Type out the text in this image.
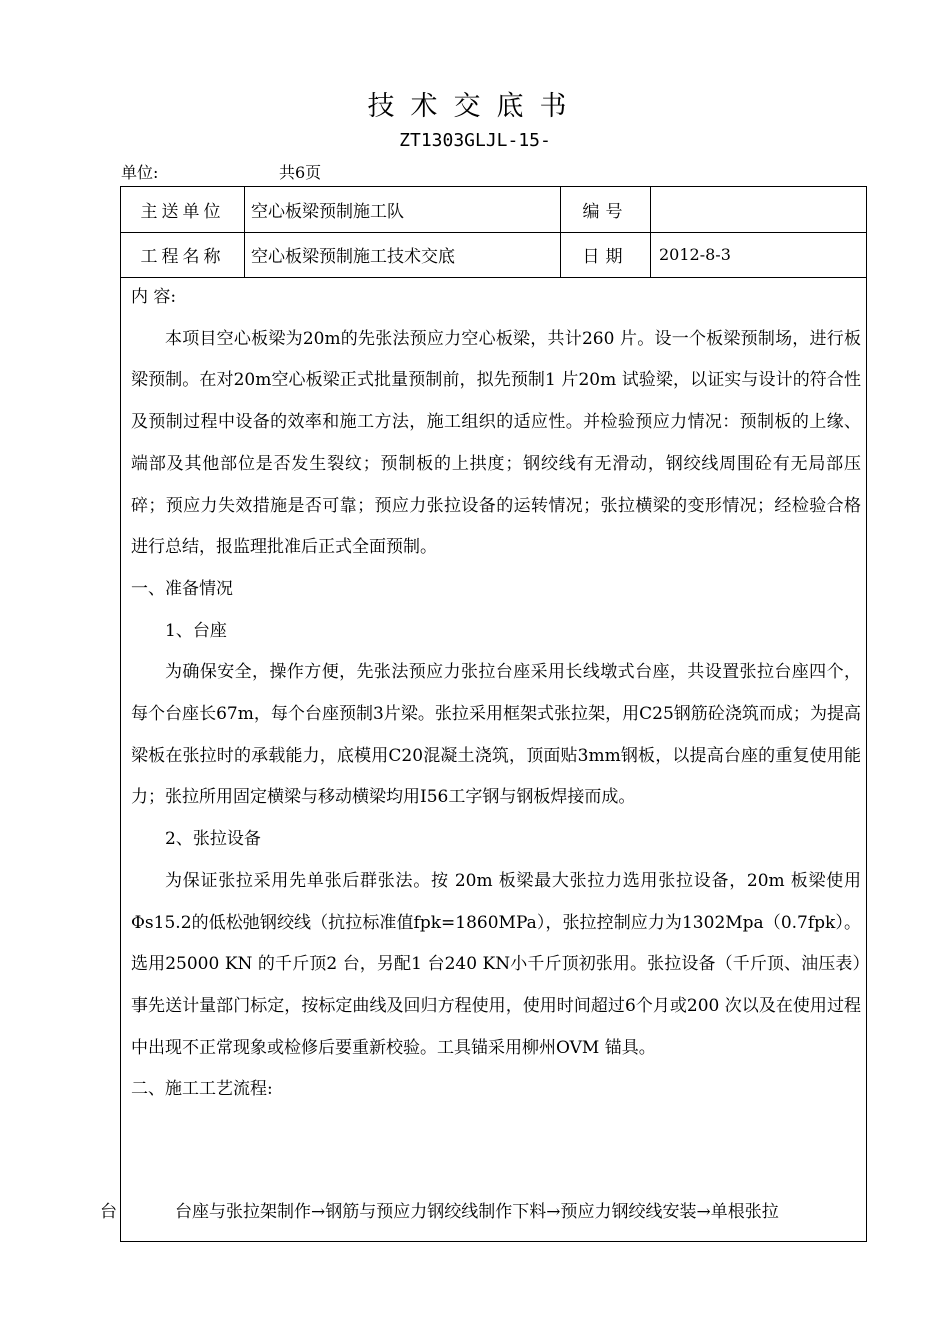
技术交底书
ZT1303GLJL-15-
单位:	共6页
主送单位	空心板梁预制施工队	编号
工程名称	空心板梁预制施工技术交底	日期	2012-8-3

内 容:

本项目空心板梁为20m的先张法预应力空心板梁，共计260 片。设一个板梁预制场，进行板梁预制。在对20m空心板梁正式批量预制前，拟先预制1 片20m 试验梁，以证实与设计的符合性及预制过程中设备的效率和施工方法，施工组织的适应性。并检验预应力情况：预制板的上缘、端部及其他部位是否发生裂纹；预制板的上拱度；钢绞线有无滑动，钢绞线周围砼有无局部压碎；预应力失效措施是否可靠；预应力张拉设备的运转情况；张拉横梁的变形情况；经检验合格进行总结，报监理批准后正式全面预制。

一、准备情况

1、台座

为确保安全，操作方便，先张法预应力张拉台座采用长线墩式台座，共设置张拉台座四个，每个台座长67m，每个台座预制3片梁。张拉采用框架式张拉架，用C25钢筋砼浇筑而成；为提高梁板在张拉时的承载能力，底模用C20混凝土浇筑，顶面贴3mm钢板，以提高台座的重复使用能力；张拉所用固定横梁与移动横梁均用I56工字钢与钢板焊接而成。

2、张拉设备

为保证张拉采用先单张后群张法。按 20m 板梁最大张拉力选用张拉设备，20m 板梁使用Φs15.2的低松弛钢绞线（抗拉标准值fpk=1860MPa），张拉控制应力为1302Mpa（0.7fpk）。选用25000 KN 的千斤顶2 台，另配1 台240 KN小千斤顶初张用。张拉设备（千斤顶、油压表）事先送计量部门标定，按标定曲线及回归方程使用，使用时间超过6个月或200 次以及在使用过程中出现不正常现象或检修后要重新校验。工具锚采用柳州OVM 锚具。

二、施工工艺流程:

台	台座与张拉架制作→钢筋与预应力钢绞线制作下料→预应力钢绞线安装→单根张拉
